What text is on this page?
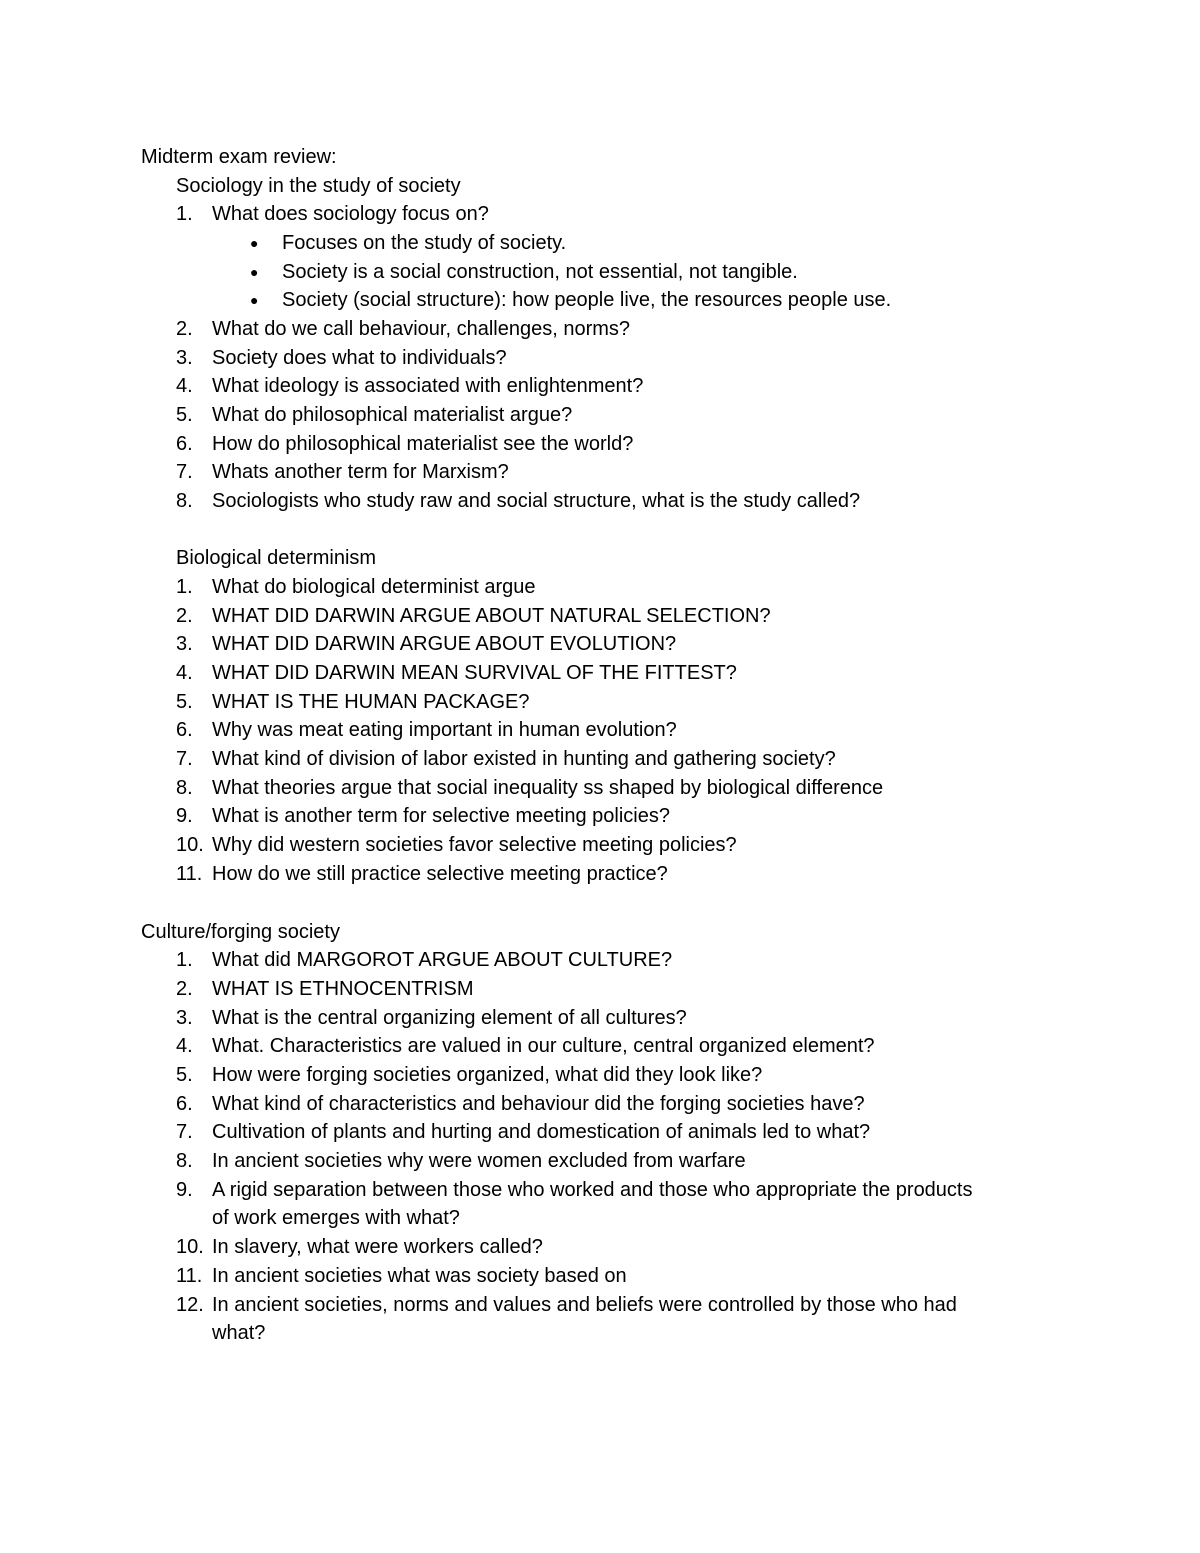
Midterm exam review:
Sociology in the study of society
1. What does sociology focus on?
● Focuses on the study of society.
● Society is a social construction, not essential, not tangible.
● Society (social structure): how people live, the resources people use.
2. What do we call behaviour, challenges, norms?
3. Society does what to individuals?
4. What ideology is associated with enlightenment?
5. What do philosophical materialist argue?
6. How do philosophical materialist see the world?
7. Whats another term for Marxism?
8. Sociologists who study raw and social structure, what is the study called?
Biological determinism
1. What do biological determinist argue
2. WHAT DID DARWIN ARGUE ABOUT NATURAL SELECTION?
3. WHAT DID DARWIN ARGUE ABOUT EVOLUTION?
4. WHAT DID DARWIN MEAN SURVIVAL OF THE FITTEST?
5. WHAT IS THE HUMAN PACKAGE?
6. Why was meat eating important in human evolution?
7. What kind of division of labor existed in hunting and gathering society?
8. What theories argue that social inequality ss shaped by biological difference
9. What is another term for selective meeting policies?
10. Why did western societies favor selective meeting policies?
11. How do we still practice selective meeting practice?
Culture/forging society
1. What did MARGOROT ARGUE ABOUT CULTURE?
2. WHAT IS ETHNOCENTRISM
3. What is the central organizing element of all cultures?
4. What. Characteristics are valued in our culture, central organized element?
5. How were forging societies organized, what did they look like?
6. What kind of characteristics and behaviour did the forging societies have?
7. Cultivation of plants and hurting and domestication of animals led to what?
8. In ancient societies why were women excluded from warfare
9. A rigid separation between those who worked and those who appropriate the products
of work emerges with what?
10. In slavery, what were workers called?
11. In ancient societies what was society based on
12. In ancient societies, norms and values and beliefs were controlled by those who had
what?
